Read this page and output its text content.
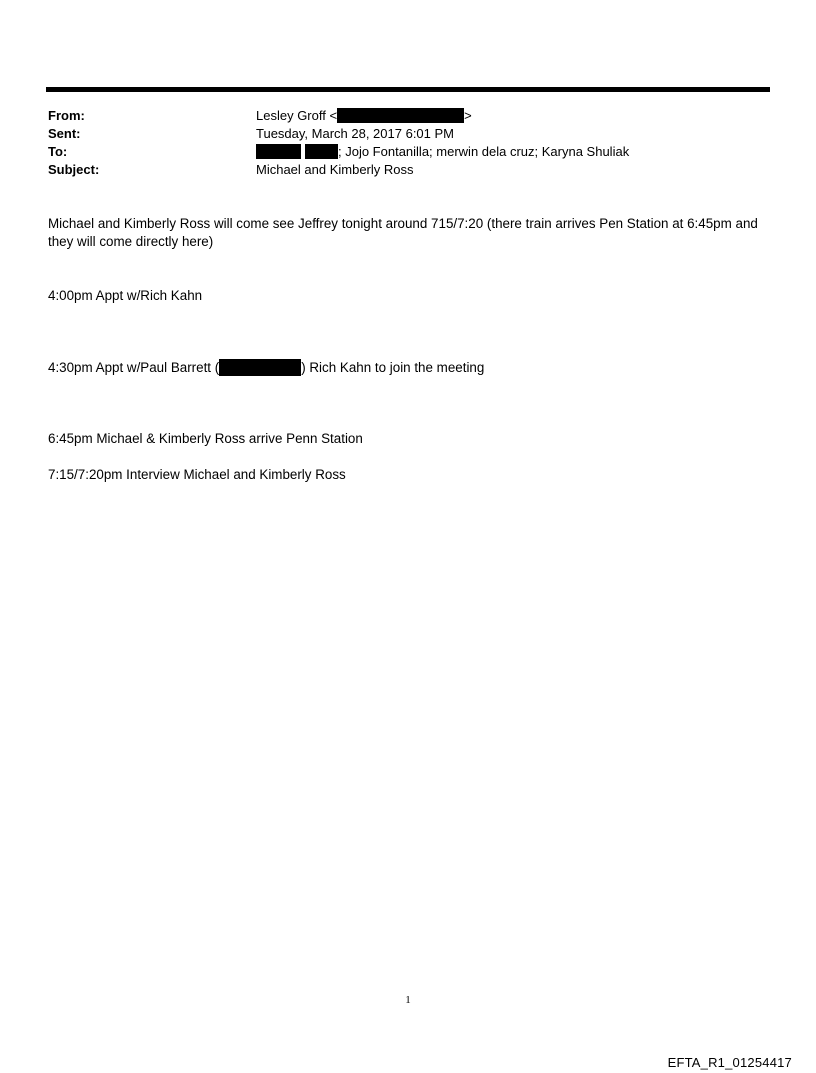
From:	Lesley Groff <	>
Sent:	Tuesday, March 28, 2017 6:01 PM
To:	; Jojo Fontanilla; merwin dela cruz; Karyna Shuliak
Subject:	Michael and Kimberly Ross
Michael and Kimberly Ross will come see Jeffrey tonight around 715/7:20 (there train arrives Pen Station at 6:45pm and they will come directly here)
4:00pm Appt w/Rich Kahn
4:30pm Appt w/Paul Barrett (	) Rich Kahn to join the meeting
6:45pm Michael & Kimberly Ross arrive Penn Station
7:15/7:20pm Interview Michael and Kimberly Ross
1
EFTA_R1_01254417
